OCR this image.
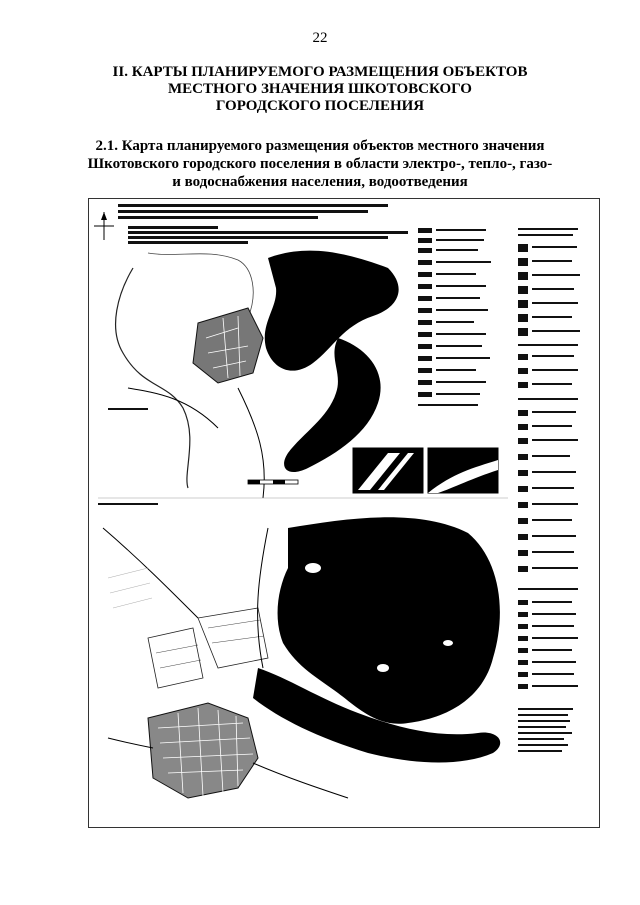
22
II. КАРТЫ ПЛАНИРУЕМОГО РАЗМЕЩЕНИЯ ОБЪЕКТОВ
МЕСТНОГО ЗНАЧЕНИЯ ШКОТОВСКОГО
ГОРОДСКОГО ПОСЕЛЕНИЯ
2.1. Карта планируемого размещения объектов местного значения
Шкотовского городского поселения в области электро-, тепло-, газо-
и водоснабжения населения, водоотведения
